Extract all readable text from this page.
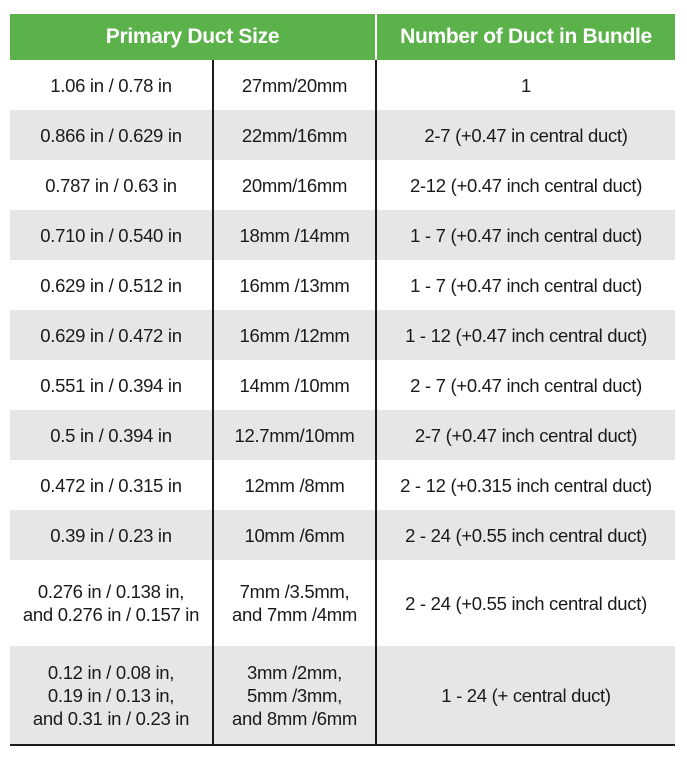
Primary Duct Size		Number of Duct in Bundle

1.06 in / 0.78 in	27mm/20mm	1

0.866 in / 0.629 in	22mm/16mm	2-7 (+0.47 in central duct)

0.787 in / 0.63 in	20mm/16mm	2-12 (+0.47 inch central duct)

0.710 in / 0.540 in	18mm /14mm	1 - 7 (+0.47 inch central duct)

0.629 in / 0.512 in	16mm /13mm	1 - 7 (+0.47 inch central duct)

0.629 in / 0.472 in	16mm /12mm	1 - 12 (+0.47 inch central duct)

0.551 in / 0.394 in	14mm /10mm	2 - 7 (+0.47 inch central duct)

0.5 in / 0.394 in	12.7mm/10mm	2-7 (+0.47 inch central duct)

0.472 in / 0.315 in	12mm /8mm	2 - 12 (+0.315 inch central duct)

0.39 in / 0.23 in	10mm /6mm	2 - 24 (+0.55 inch central duct)

0.276 in / 0.138 in,
and 0.276 in / 0.157 in	7mm /3.5mm,
and 7mm /4mm	2 - 24 (+0.55 inch central duct)

0.12 in / 0.08 in,
0.19 in / 0.13 in,
and 0.31 in / 0.23 in	3mm /2mm,
5mm /3mm,
and 8mm /6mm	1 - 24 (+ central duct)
